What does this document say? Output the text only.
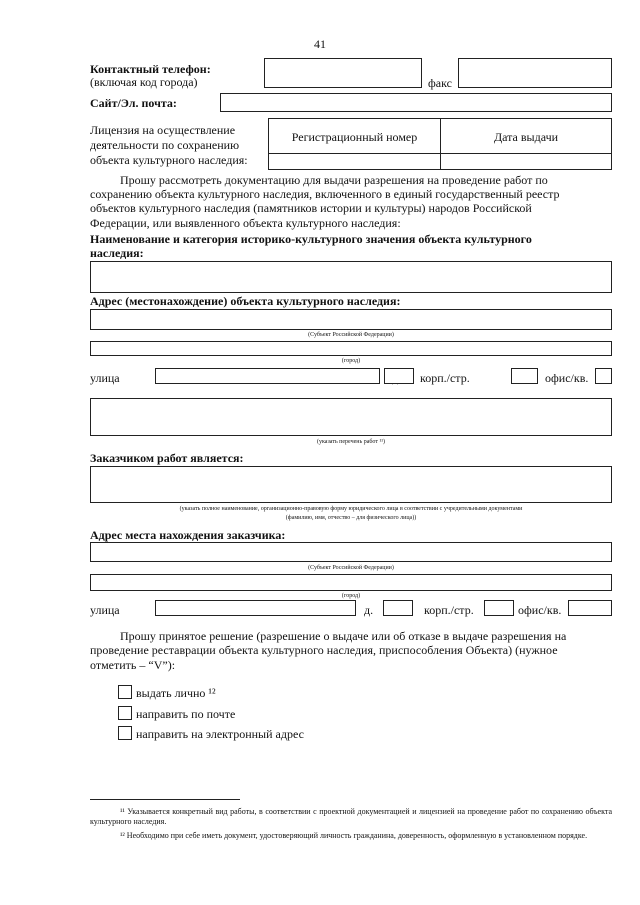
41
Контактный телефон:
(включая код города)	факс
Сайт/Эл. почта:
Лицензия на осуществление
деятельности по сохранению
объекта культурного наследия:
Регистрационный номер	Дата выдачи
Прошу рассмотреть документацию для выдачи разрешения на проведение работ по
сохранению объекта культурного наследия, включенного в единый государственный реестр
объектов культурного наследия (памятников истории и культуры) народов Российской
Федерации, или выявленного объекта культурного наследия:
Наименование и категория историко-культурного значения объекта культурного
наследия:
Адрес (местонахождение) объекта культурного наследия:
(Субъект Российской Федерации)
(город)
улица	корп./стр.	офис/кв.
(указать перечень работ ¹¹)
Заказчиком работ является:
(указать полное наименование, организационно-правовую форму юридического лица в соответствии с учредительными документами
(фамилию, имя, отчество – для физического лица))
Адрес места нахождения заказчика:
(Субъект Российской Федерации)
(город)
улица	д.	корп./стр.	офис/кв.
Прошу принятое решение (разрешение о выдаче или об отказе в выдаче разрешения на
проведение реставрации объекта культурного наследия, приспособления Объекта) (нужное
отметить – “V”):
выдать лично ¹²
направить по почте
направить на электронный адрес
¹¹ Указывается конкретный вид работы, в соответствии с проектной документацией и лицензией на проведение работ по сохранению объекта культурного наследия.
¹² Необходимо при себе иметь документ, удостоверяющий личность гражданина, доверенность, оформленную в установленном порядке.
